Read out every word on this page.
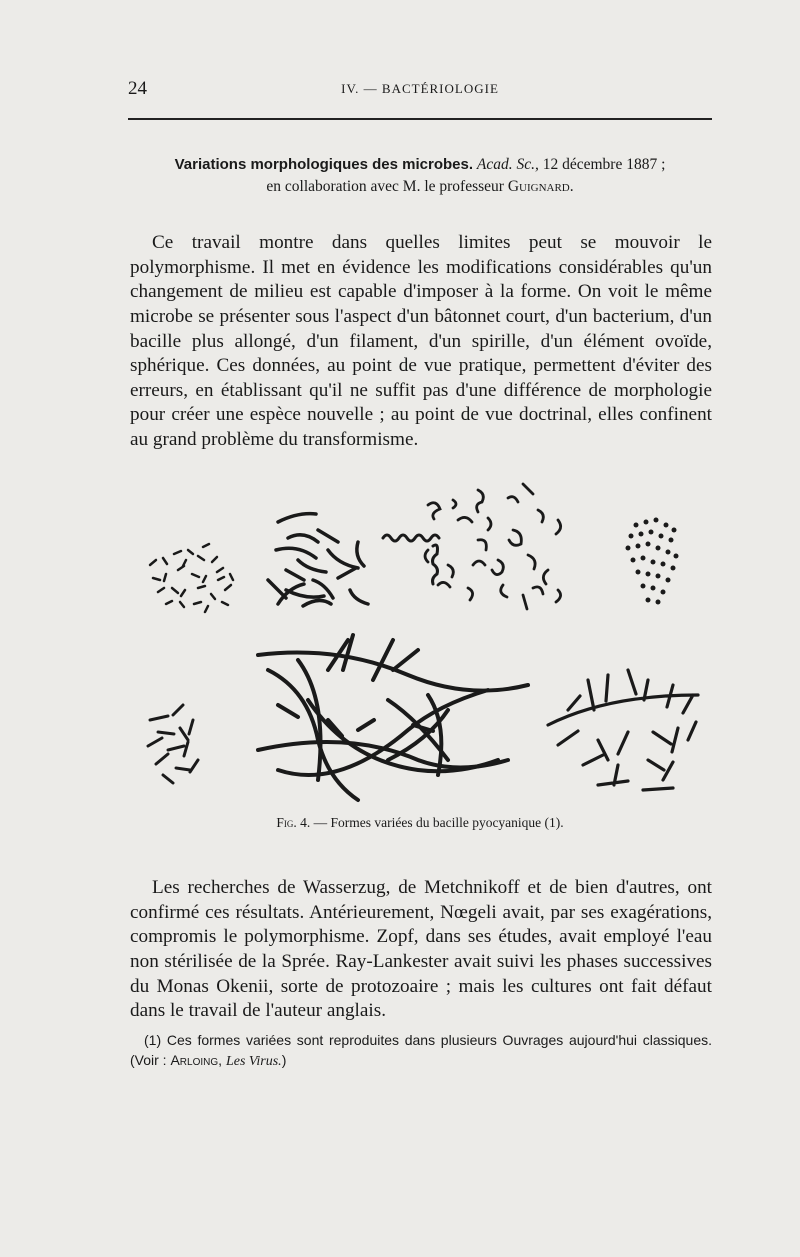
24	IV. — BACTÉRIOLOGIE
Variations morphologiques des microbes. Acad. Sc., 12 décembre 1887 ;
en collaboration avec M. le professeur Guignard.

Ce travail montre dans quelles limites peut se mouvoir le polymorphisme. Il met en évidence les modifications considérables qu'un changement de milieu est capable d'imposer à la forme. On voit le même microbe se présenter sous l'aspect d'un bâtonnet court, d'un bacterium, d'un bacille plus allongé, d'un filament, d'un spirille, d'un élément ovoïde, sphérique. Ces données, au point de vue pratique, permettent d'éviter des erreurs, en établissant qu'il ne suffit pas d'une différence de morphologie pour créer une espèce nouvelle ; au point de vue doctrinal, elles confinent au grand problème du transformisme.

Fig. 4. — Formes variées du bacille pyocyanique (1).

Les recherches de Wasserzug, de Metchnikoff et de bien d'autres, ont confirmé ces résultats. Antérieurement, Nœgeli avait, par ses exagérations, compromis le polymorphisme. Zopf, dans ses études, avait employé l'eau non stérilisée de la Sprée. Ray-Lankester avait suivi les phases successives du Monas Okenii, sorte de protozoaire ; mais les cultures ont fait défaut dans le travail de l'auteur anglais.

(1) Ces formes variées sont reproduites dans plusieurs Ouvrages aujourd'hui classiques. (Voir : Arloing, Les Virus.)
